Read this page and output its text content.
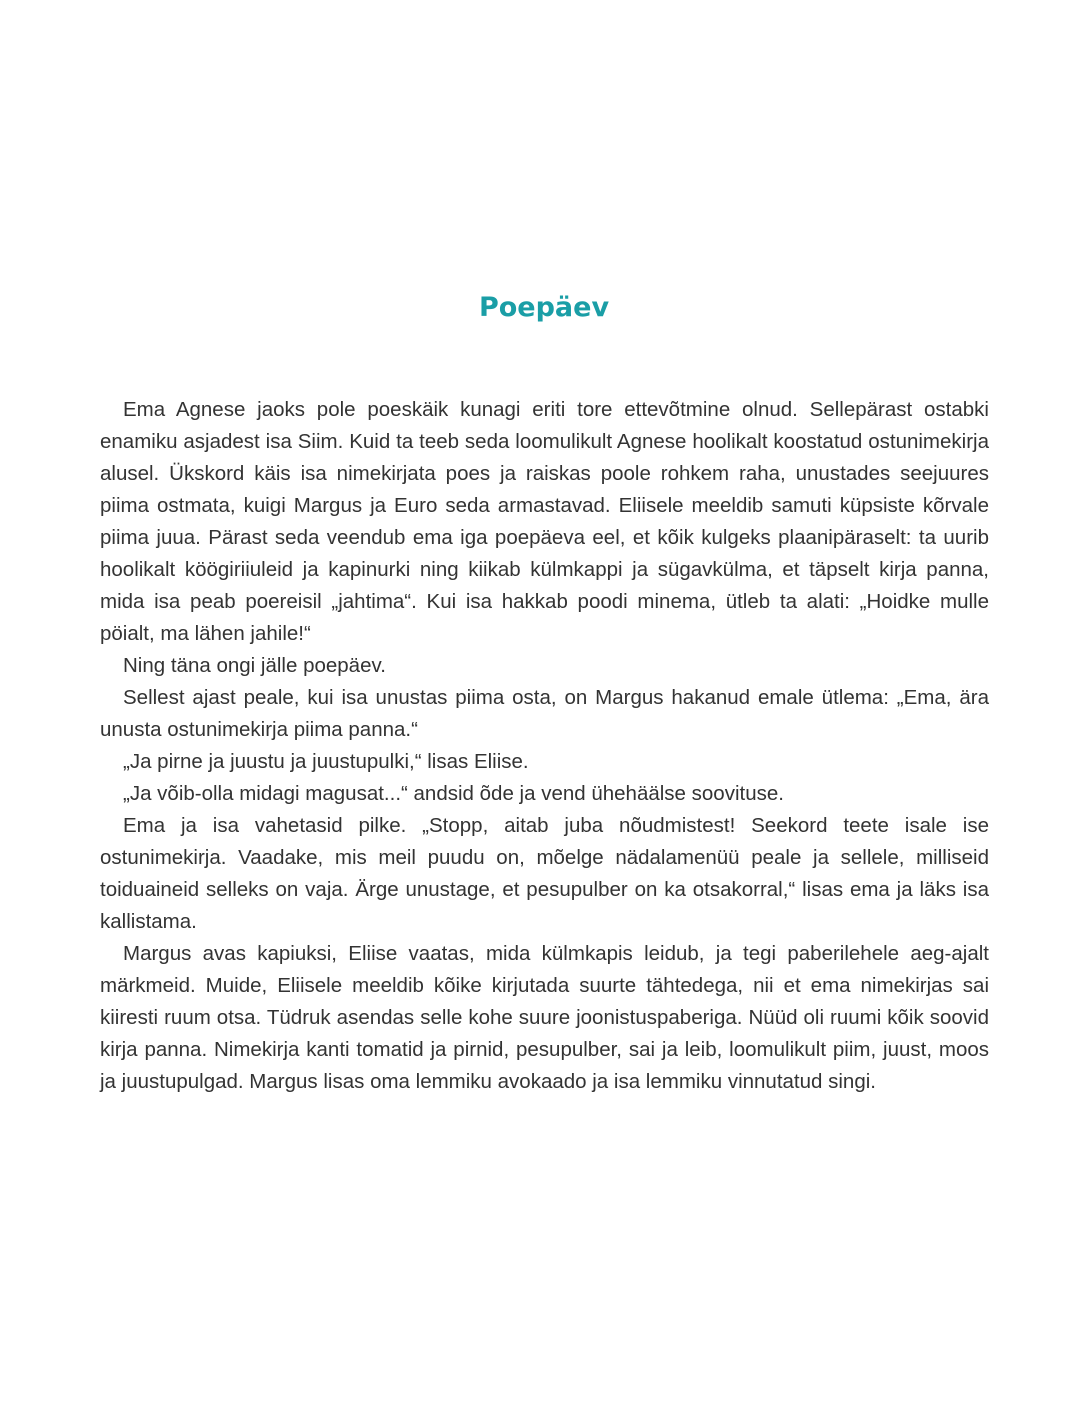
Poepäev

Ema Agnese jaoks pole poeskäik kunagi eriti tore ettevõtmine olnud. Sellepärast ostabki enamiku asjadest isa Siim. Kuid ta teeb seda loomulikult Agnese hoolikalt koostatud ostunimekirja alusel. Ükskord käis isa nimekirjata poes ja raiskas poole rohkem raha, unustades seejuures piima ostmata, kuigi Margus ja Euro seda armastavad. Eliisele meeldib samuti küpsiste kõrvale piima juua. Pärast seda veendub ema iga poepäeva eel, et kõik kulgeks plaanipäraselt: ta uurib hoolikalt köögiriiuleid ja kapinurki ning kiikab külmkappi ja sügavkülma, et täpselt kirja panna, mida isa peab poereisil „jahtima“. Kui isa hakkab poodi minema, ütleb ta alati: „Hoidke mulle pöialt, ma lähen jahile!“

Ning täna ongi jälle poepäev.

Sellest ajast peale, kui isa unustas piima osta, on Margus hakanud emale ütlema: „Ema, ära unusta ostunimekirja piima panna.“

„Ja pirne ja juustu ja juustupulki,“ lisas Eliise.

„Ja võib-olla midagi magusat...“ andsid õde ja vend ühehäälse soovituse.

Ema ja isa vahetasid pilke. „Stopp, aitab juba nõudmistest! Seekord teete isale ise ostunimekirja. Vaadake, mis meil puudu on, mõelge nädalamenüü peale ja sellele, milliseid toiduaineid selleks on vaja. Ärge unustage, et pesupulber on ka otsakorral,“ lisas ema ja läks isa kallistama.

Margus avas kapiuksi, Eliise vaatas, mida külmkapis leidub, ja tegi paberilehele aeg-ajalt märkmeid. Muide, Eliisele meeldib kõike kirjutada suurte tähtedega, nii et ema nimekirjas sai kiiresti ruum otsa. Tüdruk asendas selle kohe suure joonistuspaberiga. Nüüd oli ruumi kõik soovid kirja panna. Nimekirja kanti tomatid ja pirnid, pesupulber, sai ja leib, loomulikult piim, juust, moos ja juustupulgad. Margus lisas oma lemmiku avokaado ja isa lemmiku vinnutatud singi.
